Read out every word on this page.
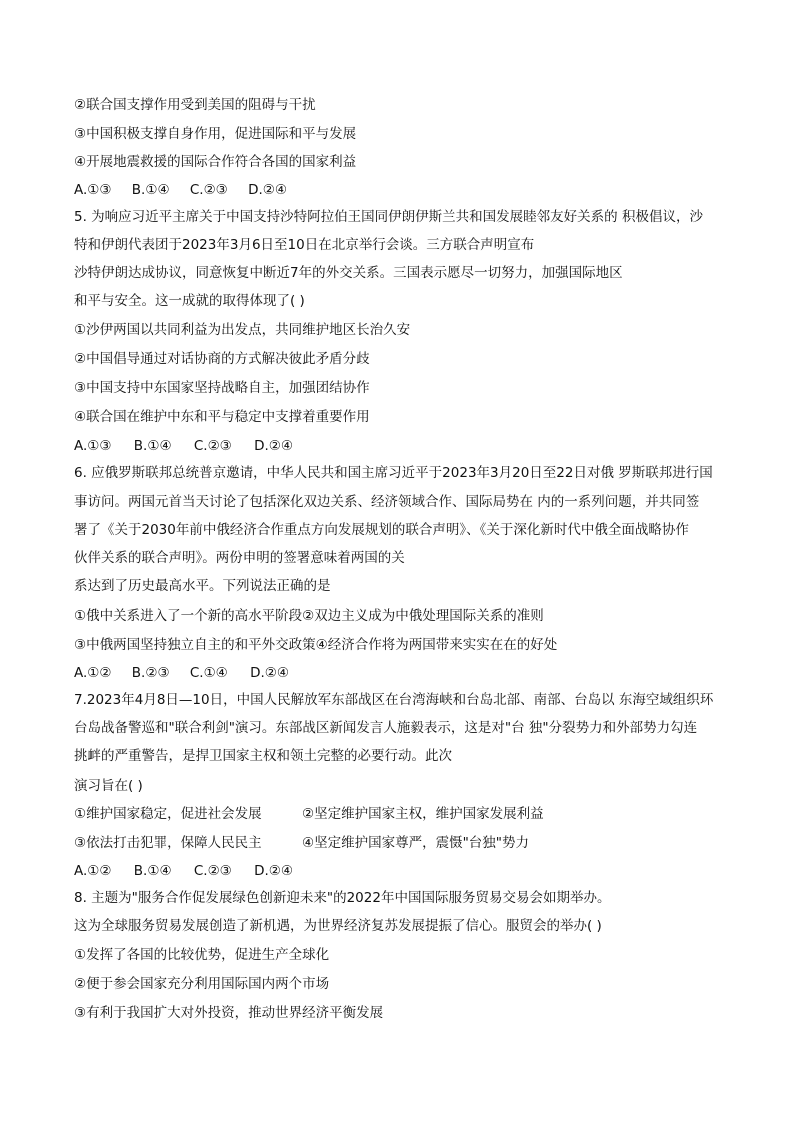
②联合国支撑作用受到美国的阻碍与干扰
③中国积极支撑自身作用，促进国际和平与发展
④开展地震救援的国际合作符合各国的国家利益
A.①③ B.①④ C.②③ D.②④
5. 为响应习近平主席关于中国支持沙特阿拉伯王国同伊朗伊斯兰共和国发展睦邻友好关系的 积极倡议，沙
特和伊朗代表团于2023年3月6日至10日在北京举行会谈。三方联合声明宣布
沙特伊朗达成协议，同意恢复中断近7年的外交关系。三国表示愿尽一切努力，加强国际地区
和平与安全。这一成就的取得体现了( )
①沙伊两国以共同利益为出发点，共同维护地区长治久安
②中国倡导通过对话协商的方式解决彼此矛盾分歧
③中国支持中东国家坚持战略自主，加强团结协作
④联合国在维护中东和平与稳定中支撑着重要作用
A.①③ B.①④ C.②③ D.②④
6. 应俄罗斯联邦总统普京邀请，中华人民共和国主席习近平于2023年3月20日至22日对俄 罗斯联邦进行国
事访问。两国元首当天讨论了包括深化双边关系、经济领域合作、国际局势在 内的一系列问题，并共同签
署了《关于2030年前中俄经济合作重点方向发展规划的联合声明》、《关于深化新时代中俄全面战略协作
伙伴关系的联合声明》。两份申明的签署意味着两国的关
系达到了历史最高水平。下列说法正确的是
①俄中关系进入了一个新的高水平阶段②双边主义成为中俄处理国际关系的准则
③中俄两国坚持独立自主的和平外交政策④经济合作将为两国带来实实在在的好处
A.①② B.②③ C.①④ D.②④
7.2023年4月8日—10日，中国人民解放军东部战区在台湾海峡和台岛北部、南部、台岛以 东海空域组织环
台岛战备警巡和"联合利剑"演习。东部战区新闻发言人施毅表示，这是对"台 独"分裂势力和外部势力勾连
挑衅的严重警告，是捍卫国家主权和领土完整的必要行动。此次
演习旨在( )
①维护国家稳定，促进社会发展	②坚定维护国家主权，维护国家发展利益
③依法打击犯罪，保障人民民主	④坚定维护国家尊严，震慑"台独"势力
A.①② B.①④ C.②③ D.②④
8. 主题为"服务合作促发展绿色创新迎未来"的2022年中国国际服务贸易交易会如期举办。
这为全球服务贸易发展创造了新机遇，为世界经济复苏发展提振了信心。服贸会的举办( )
①发挥了各国的比较优势，促进生产全球化
②便于参会国家充分利用国际国内两个市场
③有利于我国扩大对外投资，推动世界经济平衡发展
